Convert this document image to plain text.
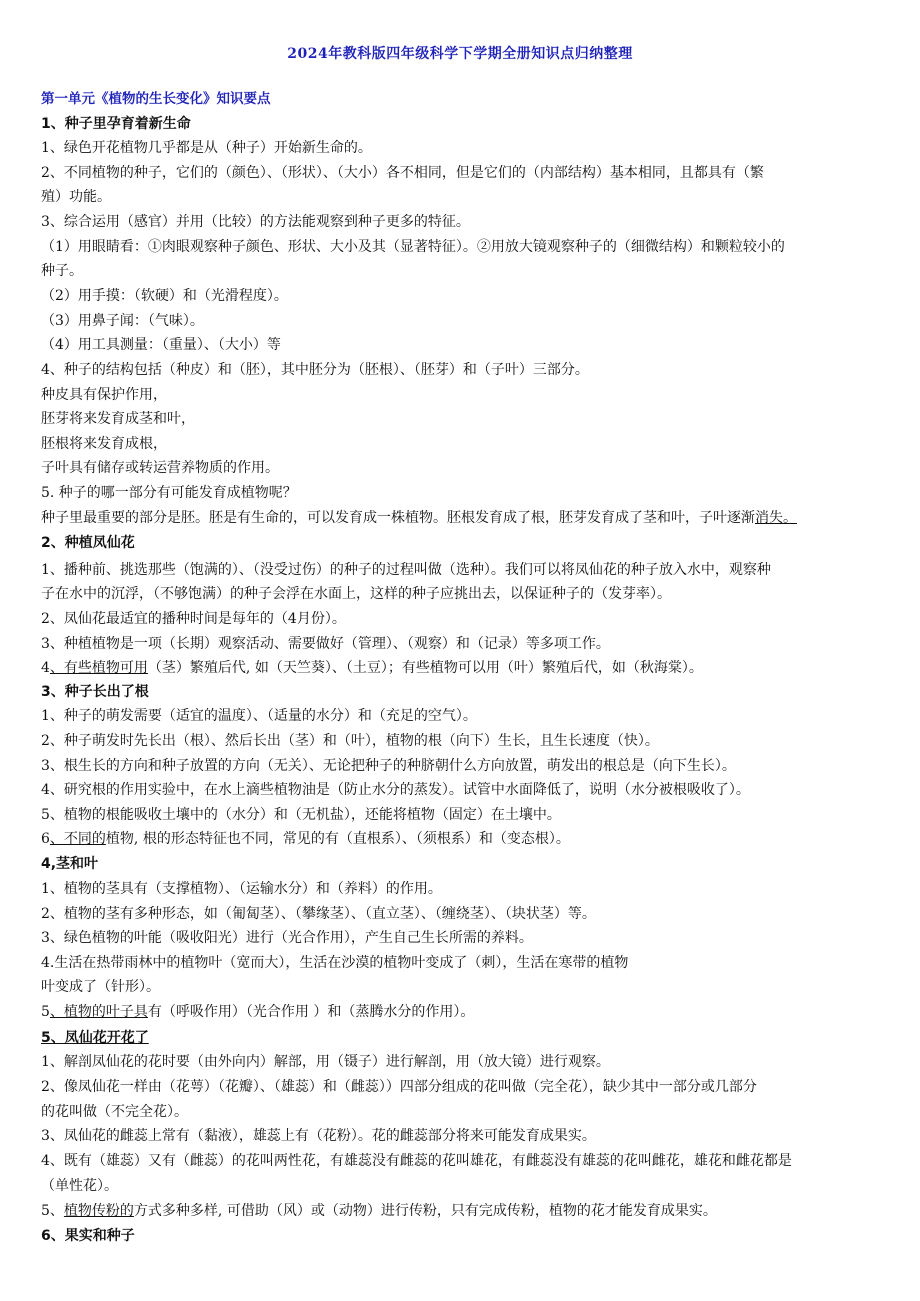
2024年教科版四年级科学下学期全册知识点归纳整理
第一单元《植物的生长变化》知识要点
1、种子里孕育着新生命
1、绿色开花植物几乎都是从（种子）开始新生命的。
2、不同植物的种子，它们的（颜色）、（形状）、（大小）各不相同，但是它们的（内部结构）基本相同，且都具有（繁
殖）功能。
3、综合运用（感官）并用（比较）的方法能观察到种子更多的特征。
（1）用眼睛看：①肉眼观察种子颜色、形状、大小及其（显著特征）。②用放大镜观察种子的（细微结构）和颗粒较小的
种子。
（2）用手摸：（软硬）和（光滑程度）。
（3）用鼻子闻：（气味）。
（4）用工具测量：（重量）、（大小）等
4、种子的结构包括（种皮）和（胚），其中胚分为（胚根）、（胚芽）和（子叶）三部分。
种皮具有保护作用，
胚芽将来发育成茎和叶，
胚根将来发育成根，
子叶具有储存或转运营养物质的作用。
5. 种子的哪一部分有可能发育成植物呢？
种子里最重要的部分是胚。胚是有生命的，可以发育成一株植物。胚根发育成了根，胚芽发育成了茎和叶，子叶逐渐消失。
2、种植凤仙花
1、播种前、挑选那些（饱满的）、（没受过伤）的种子的过程叫做（选种）。我们可以将凤仙花的种子放入水中，观察种
子在水中的沉浮，（不够饱满）的种子会浮在水面上，这样的种子应挑出去，以保证种子的（发芽率）。
2、凤仙花最适宜的播种时间是每年的（4月份）。
3、种植植物是一项（长期）观察活动、需要做好（管理）、（观察）和（记录）等多项工作。
4、有些植物可用（茎）繁殖后代, 如（天竺葵）、（土豆）；有些植物可以用（叶）繁殖后代，如（秋海棠）。
3、种子长出了根
1、种子的萌发需要（适宜的温度）、（适量的水分）和（充足的空气）。
2、种子萌发时先长出（根）、然后长出（茎）和（叶），植物的根（向下）生长，且生长速度（快）。
3、根生长的方向和种子放置的方向（无关）、无论把种子的种脐朝什么方向放置，萌发出的根总是（向下生长）。
4、研究根的作用实验中，在水上滴些植物油是（防止水分的蒸发）。试管中水面降低了，说明（水分被根吸收了）。
5、植物的根能吸收土壤中的（水分）和（无机盐），还能将植物（固定）在土壤中。
6、不同的植物, 根的形态特征也不同，常见的有（直根系）、（须根系）和（变态根）。
4,茎和叶
1、植物的茎具有（支撑植物）、（运输水分）和（养料）的作用。
2、植物的茎有多种形态，如（匍匐茎）、（攀缘茎）、（直立茎）、（缠绕茎）、（块状茎）等。
3、绿色植物的叶能（吸收阳光）进行（光合作用），产生自己生长所需的养料。
4.生活在热带雨林中的植物叶（宽而大），生活在沙漠的植物叶变成了（刺），生活在寒带的植物
叶变成了（针形）。
5、植物的叶子具有（呼吸作用）（光合作用 ）和（蒸腾水分的作用）。
5、凤仙花开花了
1、解剖凤仙花的花时要（由外向内）解部，用（镊子）进行解剖，用（放大镜）进行观察。
2、像凤仙花一样由（花萼）（花瓣）、（雄蕊）和（雌蕊））四部分组成的花叫做（完全花），缺少其中一部分或几部分
的花叫做（不完全花）。
3、凤仙花的雌蕊上常有（黏液），雄蕊上有（花粉）。花的雌蕊部分将来可能发育成果实。
4、既有（雄蕊）又有（雌蕊）的花叫两性花，有雄蕊没有雌蕊的花叫雄花，有雌蕊没有雄蕊的花叫雌花，雄花和雌花都是
（单性花）。
5、植物传粉的方式多种多样, 可借助（风）或（动物）进行传粉，只有完成传粉，植物的花才能发育成果实。
6、果实和种子
